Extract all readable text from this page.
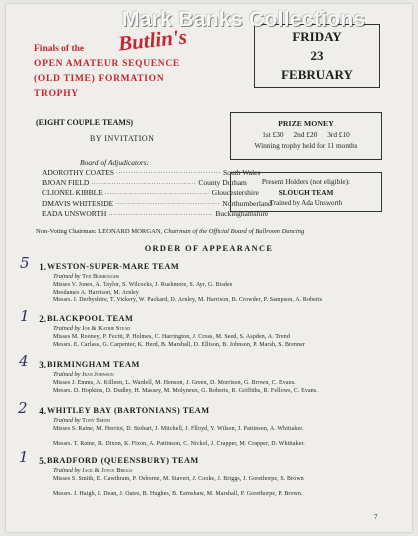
Finals of the Butlin's
OPEN AMATEUR SEQUENCE
(OLD TIME) FORMATION
TROPHY
FRIDAY
23
FEBRUARY
(EIGHT COUPLE TEAMS)
BY INVITATION
Board of Adjudicators:
A DOROTHY COATES .......................................... South Wales
B JOAN FIELD .......................................... County Durham
C LIONEL KIBBLE .......................................... Gloucestershire
D MAVIS WHITESIDE .......................................... Northumberland
E ADA UNSWORTH .......................................... Buckinghamshire
PRIZE MONEY
1st £30 2nd £20 3rd £10
Winning trophy held for 11 months
Present Holders (not eligible):
SLOUGH TEAM
Trained by Ada Unsworth
Non-Voting Chairman: LEONARD MORGAN, Chairman of the Official Board of Ballroom Dancing
ORDER OF APPEARANCE
1. WESTON-SUPER-MARE TEAM
Trained by Ted Burroughs
Misses V. Jones, A. Taylor, S. Wilcocks, J. Rushmore, S. Ayr, G. Bisdee
Mesdames A. Harrison, M. Arnley
Messrs. I. Derbyshire, T. Vickery, W. Packard, D. Arnley, M. Harrison, B. Crowder, P. Sampson, A. Roberts
2. BLACKPOOL TEAM
Trained by Joe & Kathie Stead
Misses M. Rooney, P. Fecitt, P. Holmes, C. Harrington, J. Cross, M. Seed, S. Aspden, A. Trend
Messrs. E. Carlass, G. Carpenter, K. Herd, B. Marshall, D. Ellison, B. Johnson, P. Marsh, S. Brenner
3. BIRMINGHAM TEAM
Trained by Jean Johnson
Misses J. Emms, A. Killeen, L. Wardell, M. Henson, J. Green, D. Morrison, G. Brown, C. Evans.
Messrs. D. Hopkins, D. Dudley, H. Massey, M. Molyneux, G. Roberts, R. Griffiths, R. Fellows, C. Evans.
4. WHITLEY BAY (BARTONIANS) TEAM
Trained by Tony Smith
Misses S. Raine, M. Herriot, D. Stobart, J. Mitchell, J. Flloyd, Y. Wilson, J. Pattinson, A. Whittaker.
Messrs. T. Raine, R. Dixon, K. Fixon, A. Pattinson, C. Nickol, J. Crapper, M. Crapper, D. Whittaker.
5. BRADFORD (QUEENSBURY) TEAM
Trained by Jack & Joyce Briggs
Misses S. Smith, E. Cawthram, P. Osborne, M. Stavert, J. Cooke, J. Briggs, J. Gorethorpe, S. Brown
Messrs. J. Haigh, I. Dean, J. Oates, B. Hughes, B. Earnshaw, M. Marshall, P. Gorethorpe, P. Brown.
5
1
4
2
1
7
Mark Banks Collections
